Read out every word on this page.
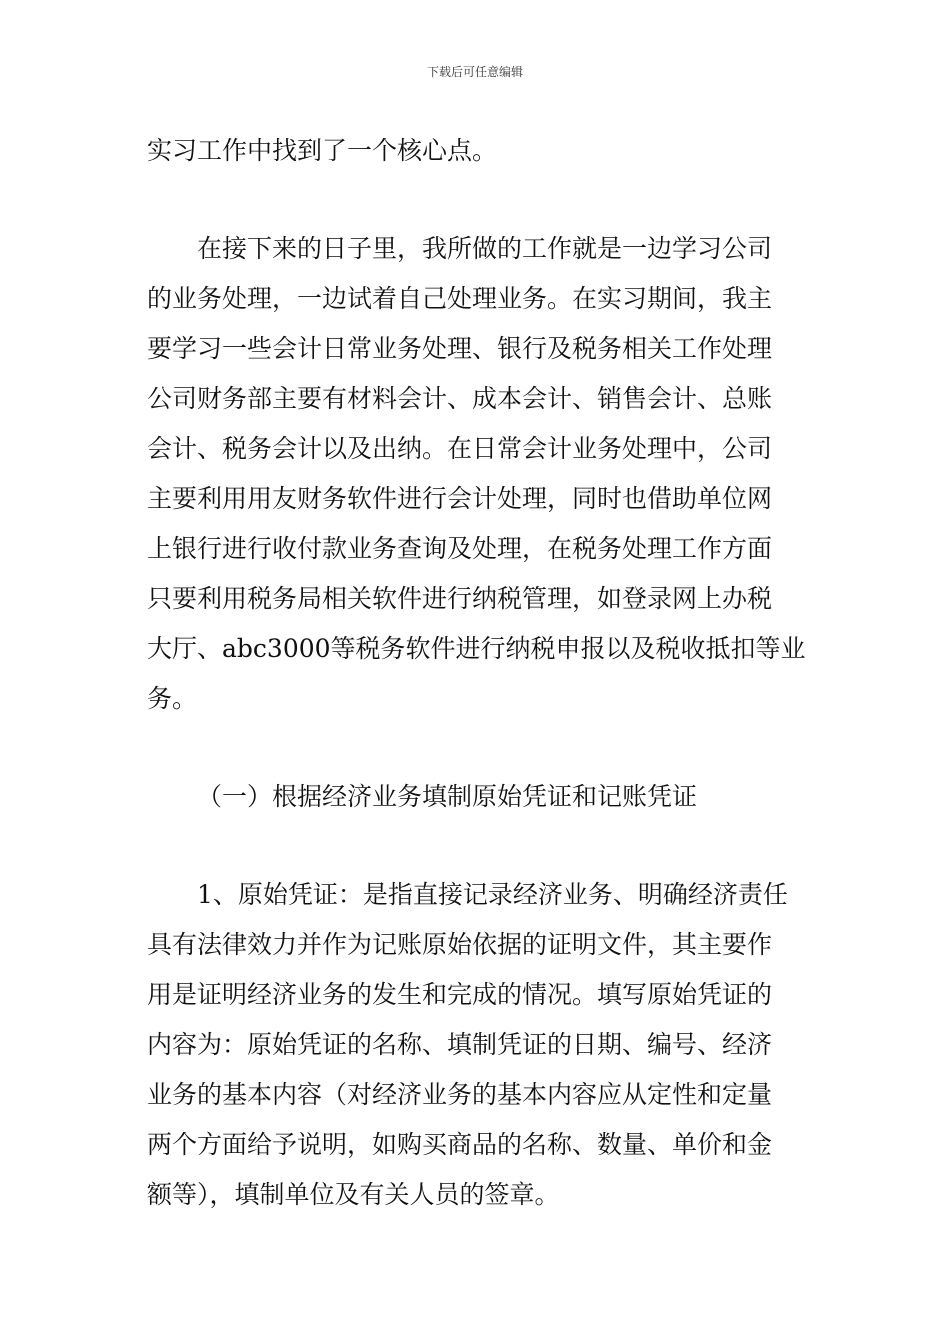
下载后可任意编辑
实习工作中找到了一个核心点。
在接下来的日子里，我所做的工作就是一边学习公司
的业务处理，一边试着自己处理业务。在实习期间，我主
要学习一些会计日常业务处理、银行及税务相关工作处理
公司财务部主要有材料会计、成本会计、销售会计、总账
会计、税务会计以及出纳。在日常会计业务处理中，公司
主要利用用友财务软件进行会计处理，同时也借助单位网
上银行进行收付款业务查询及处理，在税务处理工作方面
只要利用税务局相关软件进行纳税管理，如登录网上办税
大厅、abc3000等税务软件进行纳税申报以及税收抵扣等业
务。
（一）根据经济业务填制原始凭证和记账凭证
1、原始凭证：是指直接记录经济业务、明确经济责任
具有法律效力并作为记账原始依据的证明文件，其主要作
用是证明经济业务的发生和完成的情况。填写原始凭证的
内容为：原始凭证的名称、填制凭证的日期、编号、经济
业务的基本内容（对经济业务的基本内容应从定性和定量
两个方面给予说明，如购买商品的名称、数量、单价和金
额等），填制单位及有关人员的签章。
